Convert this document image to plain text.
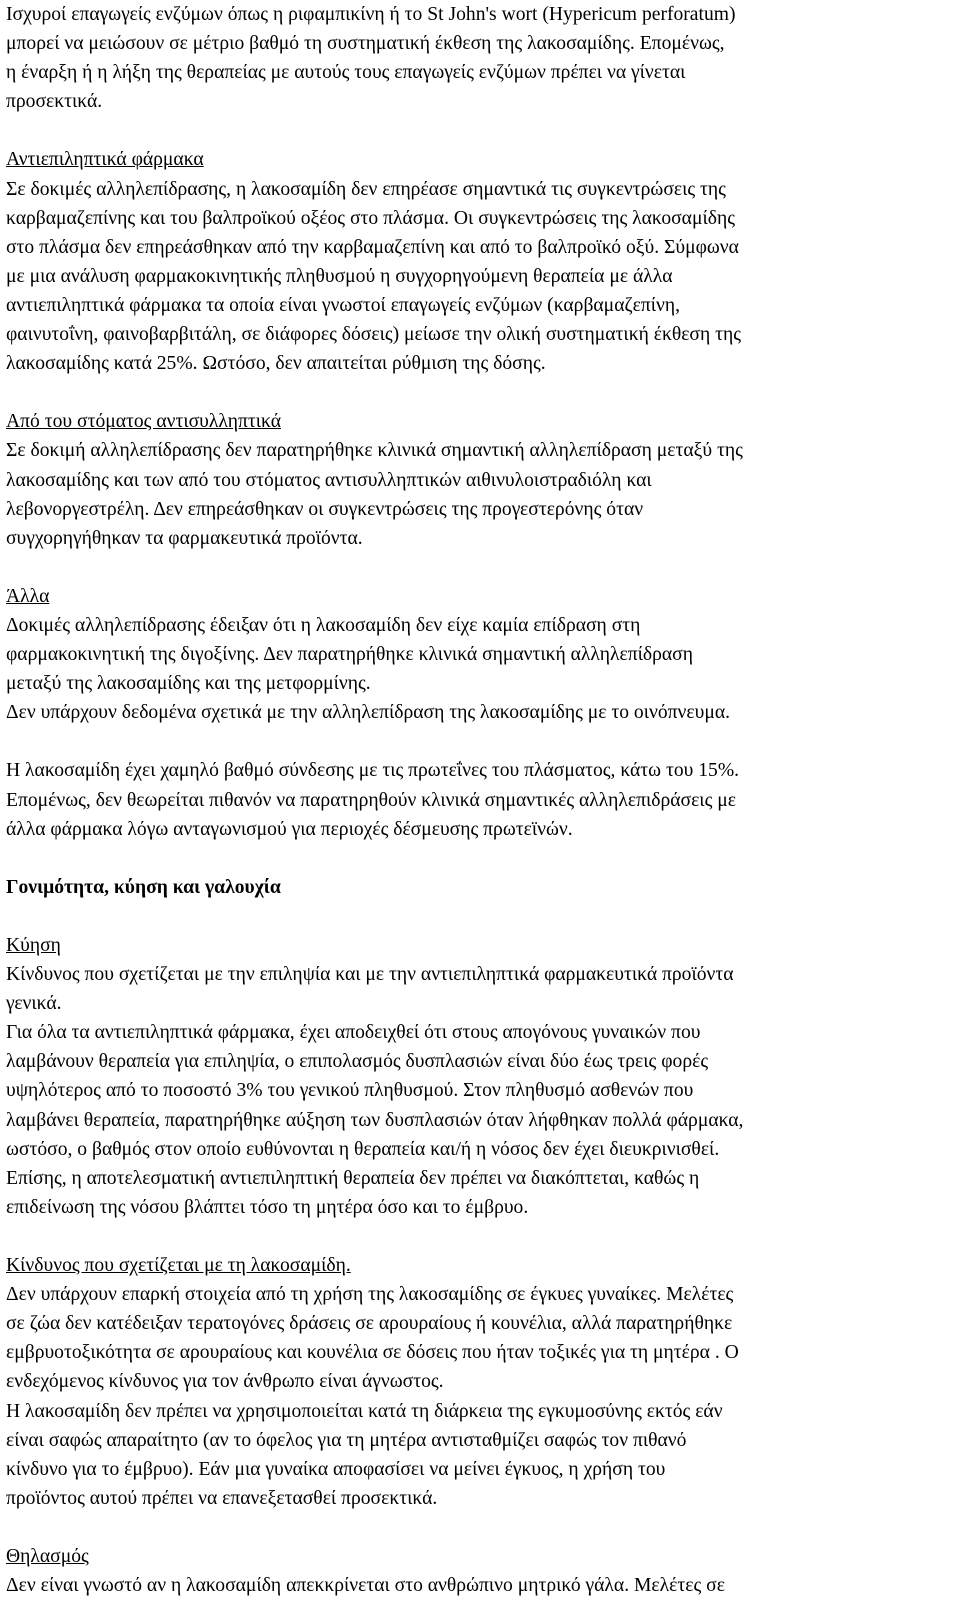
Ισχυροί επαγωγείς ενζύμων όπως η ριφαμπικίνη ή το St John's wort (Hypericum perforatum)
μπορεί να μειώσουν σε μέτριο βαθμό τη συστηματική έκθεση της λακοσαμίδης. Επομένως,
η έναρξη ή η λήξη της θεραπείας με αυτούς τους επαγωγείς ενζύμων πρέπει να γίνεται
προσεκτικά.
Αντιεπιληπτικά φάρμακα
Σε δοκιμές αλληλεπίδρασης, η λακοσαμίδη δεν επηρέασε σημαντικά τις συγκεντρώσεις της
καρβαμαζεπίνης και του βαλπροϊκού οξέος στο πλάσμα. Οι συγκεντρώσεις της λακοσαμίδης
στο πλάσμα δεν επηρεάσθηκαν από την καρβαμαζεπίνη και από το βαλπροϊκό οξύ. Σύμφωνα
με μια ανάλυση φαρμακοκινητικής πληθυσμού η συγχορηγούμενη θεραπεία με άλλα
αντιεπιληπτικά φάρμακα τα οποία είναι γνωστοί επαγωγείς ενζύμων (καρβαμαζεπίνη,
φαινυτοΐνη, φαινοβαρβιτάλη, σε διάφορες δόσεις) μείωσε την ολική συστηματική έκθεση της
λακοσαμίδης κατά 25%. Ωστόσο, δεν απαιτείται ρύθμιση της δόσης.
Από του στόματος αντισυλληπτικά
Σε δοκιμή αλληλεπίδρασης δεν παρατηρήθηκε κλινικά σημαντική αλληλεπίδραση μεταξύ της
λακοσαμίδης και των από του στόματος αντισυλληπτικών αιθινυλοιστραδιόλη και
λεβονοργεστρέλη. Δεν επηρεάσθηκαν οι συγκεντρώσεις της προγεστερόνης όταν
συγχορηγήθηκαν τα φαρμακευτικά προϊόντα.
Άλλα
Δοκιμές αλληλεπίδρασης έδειξαν ότι η λακοσαμίδη δεν είχε καμία επίδραση στη
φαρμακοκινητική της διγοξίνης. Δεν παρατηρήθηκε κλινικά σημαντική αλληλεπίδραση
μεταξύ της λακοσαμίδης και της μετφορμίνης.
Δεν υπάρχουν δεδομένα σχετικά με την αλληλεπίδραση της λακοσαμίδης με το οινόπνευμα.
Η λακοσαμίδη έχει χαμηλό βαθμό σύνδεσης με τις πρωτεΐνες του πλάσματος, κάτω του 15%.
Επομένως, δεν θεωρείται πιθανόν να παρατηρηθούν κλινικά σημαντικές αλληλεπιδράσεις με
άλλα φάρμακα λόγω ανταγωνισμού για περιοχές δέσμευσης πρωτεϊνών.
Γονιμότητα, κύηση και γαλουχία
Κύηση
Κίνδυνος που σχετίζεται με την επιληψία και με την αντιεπιληπτικά φαρμακευτικά προϊόντα
γενικά.
Για όλα τα αντιεπιληπτικά φάρμακα, έχει αποδειχθεί ότι στους απογόνους γυναικών που
λαμβάνουν θεραπεία για επιληψία, ο επιπολασμός δυσπλασιών είναι δύο έως τρεις φορές
υψηλότερος από το ποσοστό 3% του γενικού πληθυσμού. Στον πληθυσμό ασθενών που
λαμβάνει θεραπεία, παρατηρήθηκε αύξηση των δυσπλασιών όταν λήφθηκαν πολλά φάρμακα,
ωστόσο, ο βαθμός στον οποίο ευθύνονται η θεραπεία και/ή η νόσος δεν έχει διευκρινισθεί.
Επίσης, η αποτελεσματική αντιεπιληπτική θεραπεία δεν πρέπει να διακόπτεται, καθώς η
επιδείνωση της νόσου βλάπτει τόσο τη μητέρα όσο και το έμβρυο.
Κίνδυνος που σχετίζεται με τη λακοσαμίδη.
Δεν υπάρχουν επαρκή στοιχεία από τη χρήση της λακοσαμίδης σε έγκυες γυναίκες. Μελέτες
σε ζώα δεν κατέδειξαν τερατογόνες δράσεις σε αρουραίους ή κουνέλια, αλλά παρατηρήθηκε
εμβρυοτοξικότητα σε αρουραίους και κουνέλια σε δόσεις που ήταν τοξικές για τη μητέρα . Ο
ενδεχόμενος κίνδυνος για τον άνθρωπο είναι άγνωστος.
Η λακοσαμίδη δεν πρέπει να χρησιμοποιείται κατά τη διάρκεια της εγκυμοσύνης εκτός εάν
είναι σαφώς απαραίτητο (αν το όφελος για τη μητέρα αντισταθμίζει σαφώς τον πιθανό
κίνδυνο για το έμβρυο). Εάν μια γυναίκα αποφασίσει να μείνει έγκυος, η χρήση του
προϊόντος αυτού πρέπει να επανεξετασθεί προσεκτικά.
Θηλασμός
Δεν είναι γνωστό αν η λακοσαμίδη απεκκρίνεται στο ανθρώπινο μητρικό γάλα. Μελέτες σε
